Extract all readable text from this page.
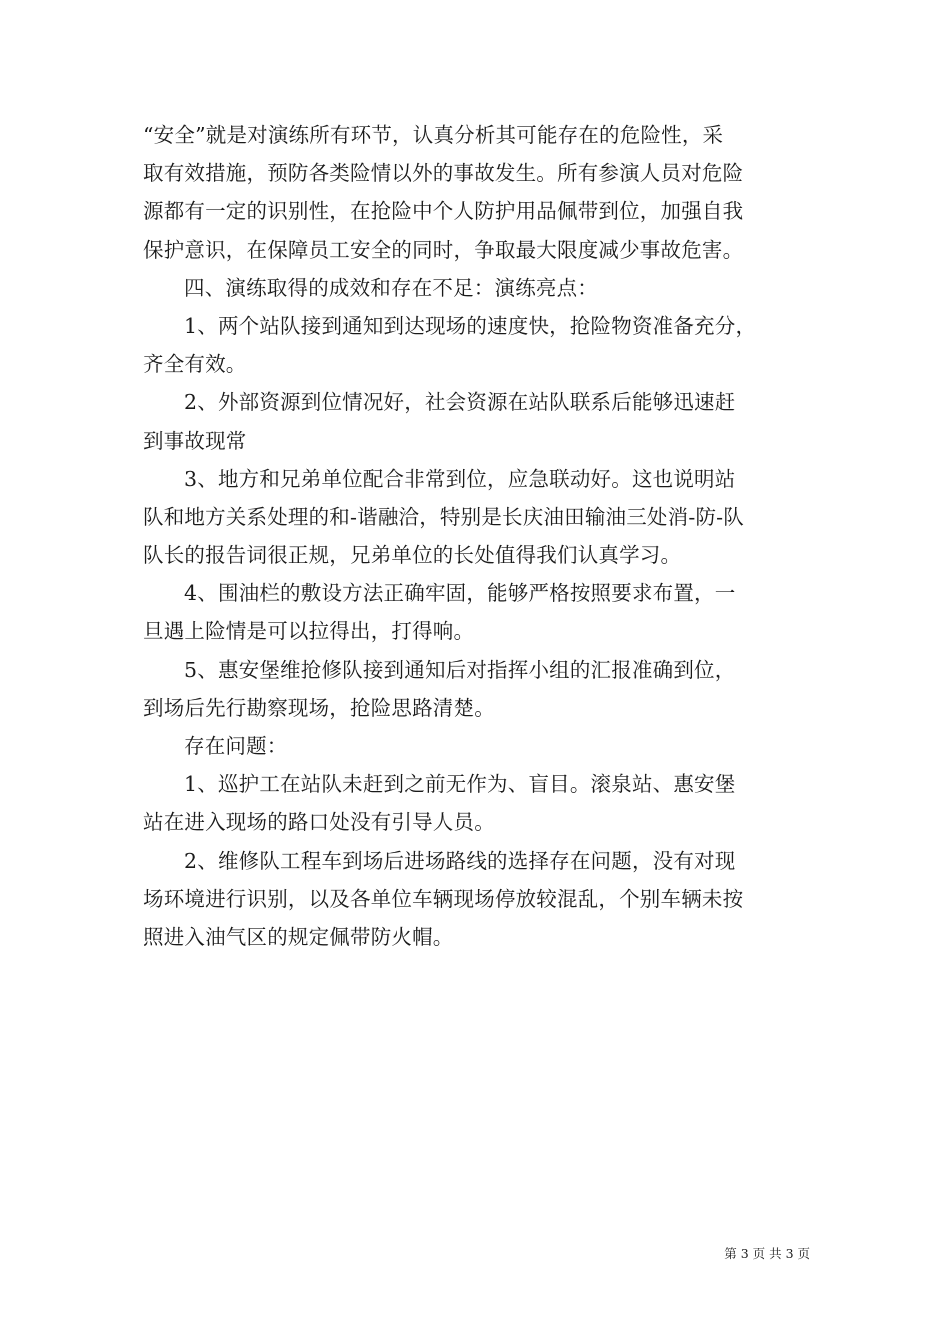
“安全”就是对演练所有环节，认真分析其可能存在的危险性，采
取有效措施，预防各类险情以外的事故发生。所有参演人员对危险
源都有一定的识别性，在抢险中个人防护用品佩带到位，加强自我
保护意识，在保障员工安全的同时，争取最大限度减少事故危害。
四、演练取得的成效和存在不足：演练亮点：
1、两个站队接到通知到达现场的速度快，抢险物资准备充分，
齐全有效。
2、外部资源到位情况好，社会资源在站队联系后能够迅速赶
到事故现常
3、地方和兄弟单位配合非常到位，应急联动好。这也说明站
队和地方关系处理的和-谐融洽，特别是长庆油田输油三处消-防-队
队长的报告词很正规，兄弟单位的长处值得我们认真学习。
4、围油栏的敷设方法正确牢固，能够严格按照要求布置，一
旦遇上险情是可以拉得出，打得响。
5、惠安堡维抢修队接到通知后对指挥小组的汇报准确到位，
到场后先行勘察现场，抢险思路清楚。
存在问题：
1、巡护工在站队未赶到之前无作为、盲目。滚泉站、惠安堡
站在进入现场的路口处没有引导人员。
2、维修队工程车到场后进场路线的选择存在问题，没有对现
场环境进行识别，以及各单位车辆现场停放较混乱，个别车辆未按
照进入油气区的规定佩带防火帽。
第 3 页 共 3 页
